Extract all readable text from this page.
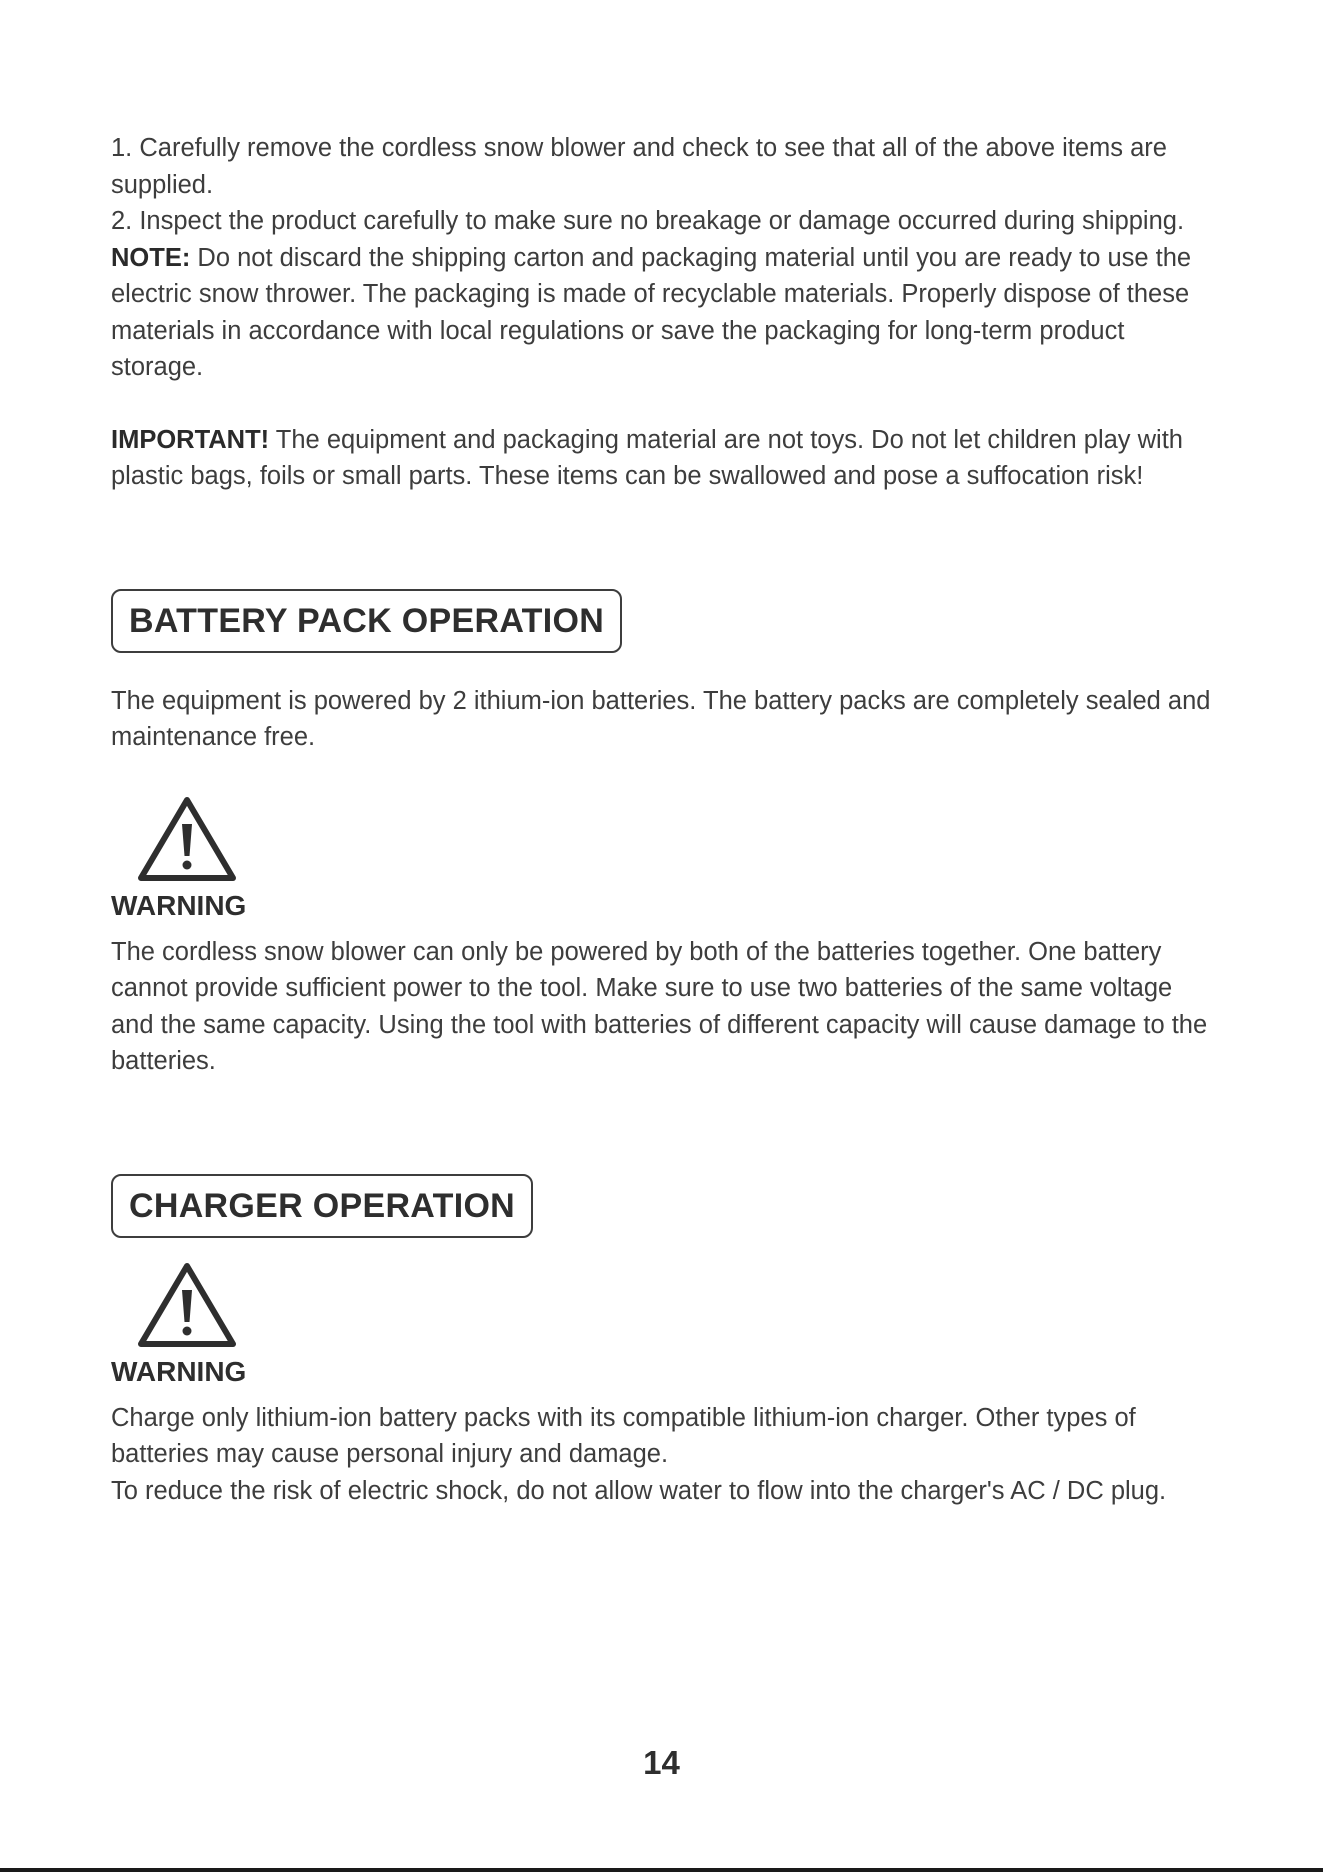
1. Carefully remove the cordless snow blower and check to see that all of the above items are supplied.

2. Inspect the product carefully to make sure no breakage or damage occurred during shipping.

NOTE: Do not discard the shipping carton and packaging material until you are ready to use the electric snow thrower. The packaging is made of recyclable materials. Properly dispose of these materials in accordance with local regulations or save the packaging for long-term product storage.

IMPORTANT! The equipment and packaging material are not toys. Do not let children play with plastic bags, foils or small parts. These items can be swallowed and pose a suffocation risk!

BATTERY PACK OPERATION

The equipment is powered by 2 ithium-ion batteries. The battery packs are completely sealed and maintenance free.

WARNING

The cordless snow blower can only be powered by both of the batteries together. One battery cannot provide sufficient power to the tool. Make sure to use two batteries of the same voltage and the same capacity. Using the tool with batteries of different capacity will cause damage to the batteries.

CHARGER OPERATION
WARNING

Charge only lithium-ion battery packs with its compatible lithium-ion charger. Other types of batteries may cause personal injury and damage.

To reduce the risk of electric shock, do not allow water to flow into the charger's AC / DC plug.

14
